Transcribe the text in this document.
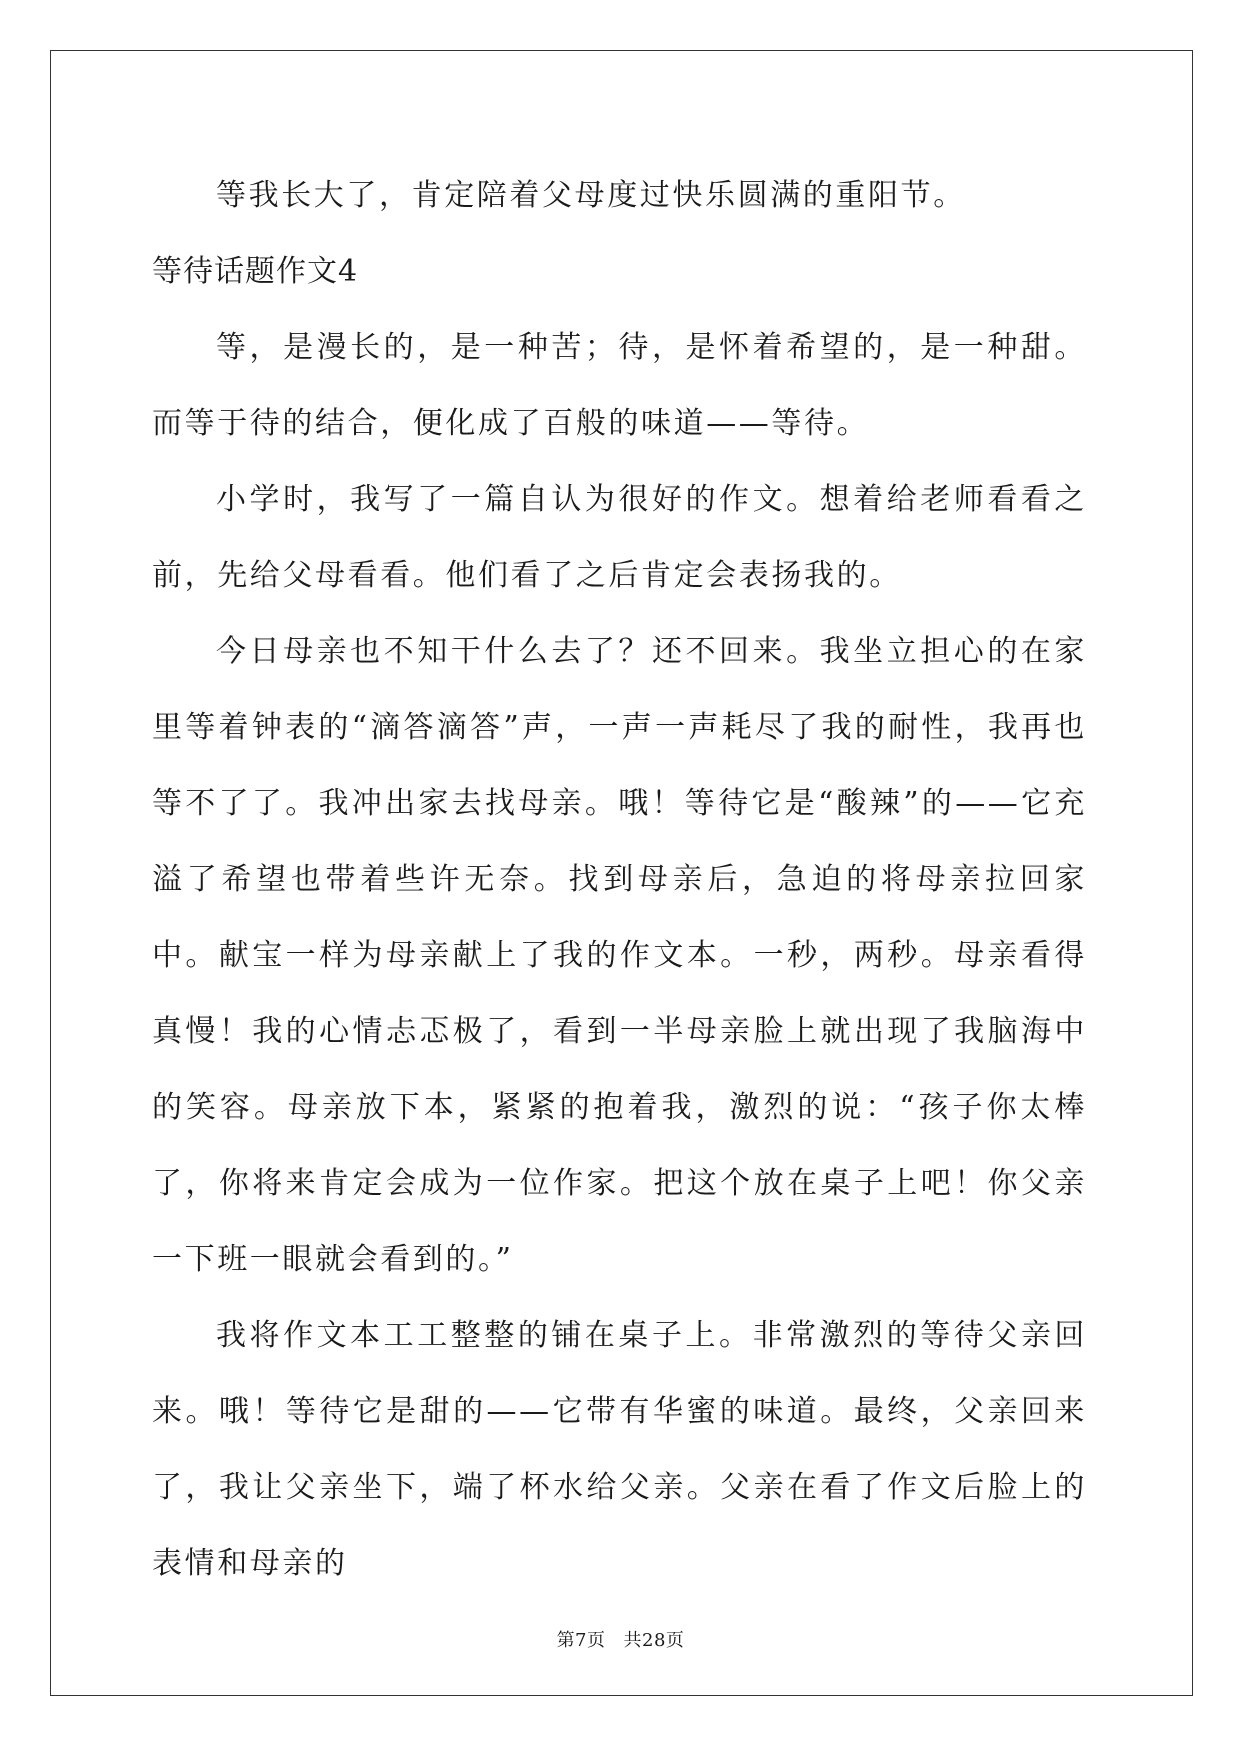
等我长大了，肯定陪着父母度过快乐圆满的重阳节。

等待话题作文4

等，是漫长的，是一种苦；待，是怀着希望的，是一种甜。而等于待的结合，便化成了百般的味道——等待。

小学时，我写了一篇自认为很好的作文。想着给老师看看之前，先给父母看看。他们看了之后肯定会表扬我的。

今日母亲也不知干什么去了？还不回来。我坐立担心的在家里等着钟表的“滴答滴答”声，一声一声耗尽了我的耐性，我再也等不了了。我冲出家去找母亲。哦！等待它是“酸辣”的——它充溢了希望也带着些许无奈。找到母亲后，急迫的将母亲拉回家中。献宝一样为母亲献上了我的作文本。一秒，两秒。母亲看得真慢！我的心情忐忑极了，看到一半母亲脸上就出现了我脑海中的笑容。母亲放下本，紧紧的抱着我，激烈的说：“孩子你太棒了，你将来肯定会成为一位作家。把这个放在桌子上吧！你父亲一下班一眼就会看到的。”

我将作文本工工整整的铺在桌子上。非常激烈的等待父亲回来。哦！等待它是甜的——它带有华蜜的味道。最终，父亲回来了，我让父亲坐下，端了杯水给父亲。父亲在看了作文后脸上的表情和母亲的

第7页 共28页
